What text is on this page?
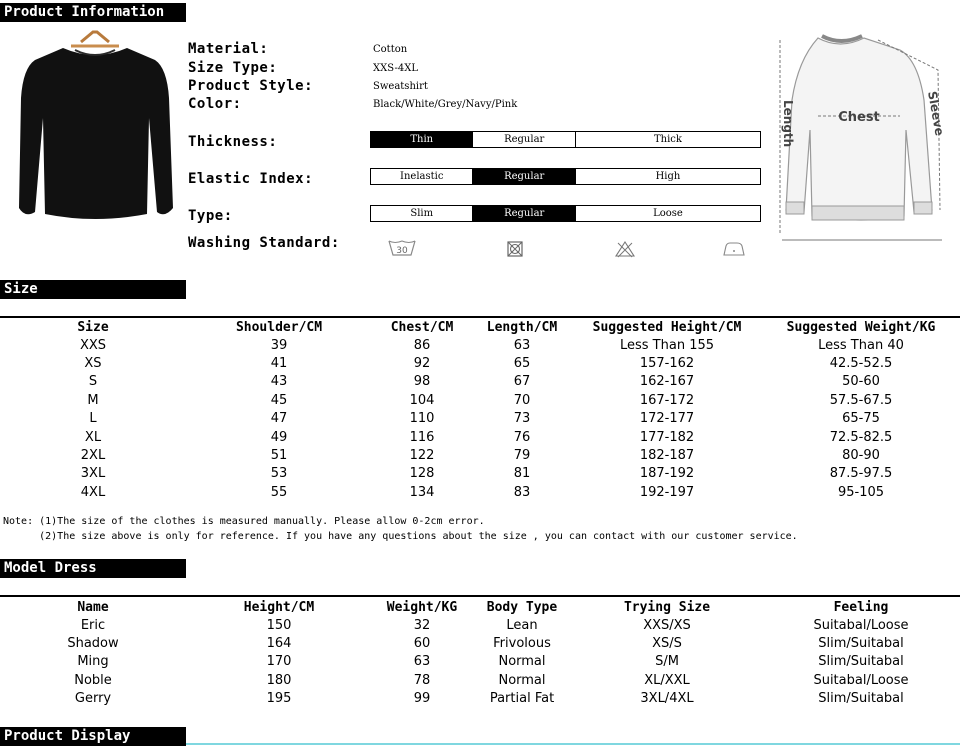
Product Information
Material:	Cotton
Size Type:	XXS-4XL
Product Style:	Sweatshirt
Color:	Black/White/Grey/Navy/Pink
Thickness:	Thin	Regular	Thick
Elastic Index:	Inelastic	Regular	High
Type:	Slim	Regular	Loose
Washing Standard:	30
Length	Chest	Sleeve
Size
Size	Shoulder/CM	Chest/CM	Length/CM	Suggested Height/CM	Suggested Weight/KG
XXS	39	86	63	Less Than 155	Less Than 40
XS	41	92	65	157-162	42.5-52.5
S	43	98	67	162-167	50-60
M	45	104	70	167-172	57.5-67.5
L	47	110	73	172-177	65-75
XL	49	116	76	177-182	72.5-82.5
2XL	51	122	79	182-187	80-90
3XL	53	128	81	187-192	87.5-97.5
4XL	55	134	83	192-197	95-105
Note: (1)The size of the clothes is measured manually. Please allow 0-2cm error.
(2)The size above is only for reference. If you have any questions about the size , you can contact with our customer service.
Model Dress
Name	Height/CM	Weight/KG	Body Type	Trying Size	Feeling
Eric	150	32	Lean	XXS/XS	Suitabal/Loose
Shadow	164	60	Frivolous	XS/S	Slim/Suitabal
Ming	170	63	Normal	S/M	Slim/Suitabal
Noble	180	78	Normal	XL/XXL	Suitabal/Loose
Gerry	195	99	Partial Fat	3XL/4XL	Slim/Suitabal
Product Display
